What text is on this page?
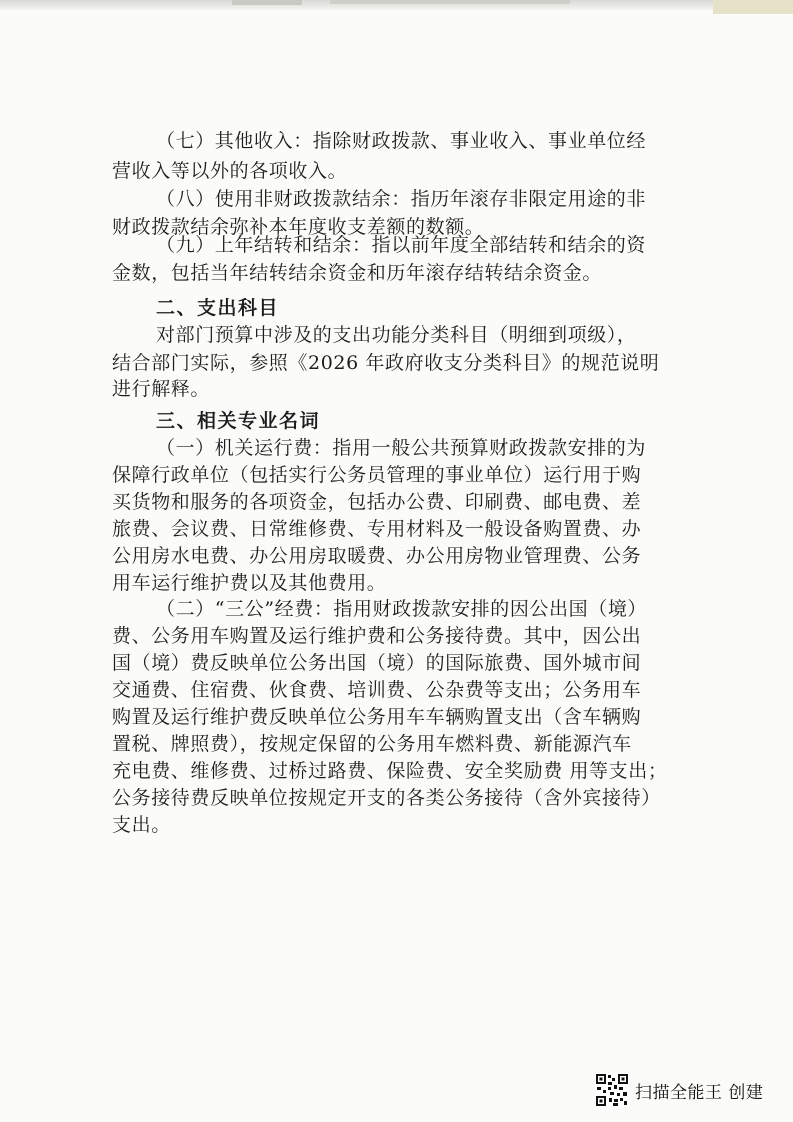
（七）其他收入：指除财政拨款、事业收入、事业单位经

营收入等以外的各项收入。

（八）使用非财政拨款结余：指历年滚存非限定用途的非

财政拨款结余弥补本年度收支差额的数额。

（九）上年结转和结余：指以前年度全部结转和结余的资

金数，包括当年结转结余资金和历年滚存结转结余资金。

二、支出科目

对部门预算中涉及的支出功能分类科目（明细到项级），

结合部门实际，参照《2026 年政府收支分类科目》的规范说明

进行解释。

三、相关专业名词

（一）机关运行费：指用一般公共预算财政拨款安排的为

保障行政单位（包括实行公务员管理的事业单位）运行用于购

买货物和服务的各项资金，包括办公费、印刷费、邮电费、差

旅费、会议费、日常维修费、专用材料及一般设备购置费、办

公用房水电费、办公用房取暖费、办公用房物业管理费、公务

用车运行维护费以及其他费用。

（二）“三公”经费：指用财政拨款安排的因公出国（境）

费、公务用车购置及运行维护费和公务接待费。其中，因公出

国（境）费反映单位公务出国（境）的国际旅费、国外城市间

交通费、住宿费、伙食费、培训费、公杂费等支出；公务用车

购置及运行维护费反映单位公务用车车辆购置支出（含车辆购

置税、牌照费），按规定保留的公务用车燃料费、新能源汽车

充电费、维修费、过桥过路费、保险费、安全奖励费 用等支出；

公务接待费反映单位按规定开支的各类公务接待（含外宾接待）

支出。

扫描全能王 创建
